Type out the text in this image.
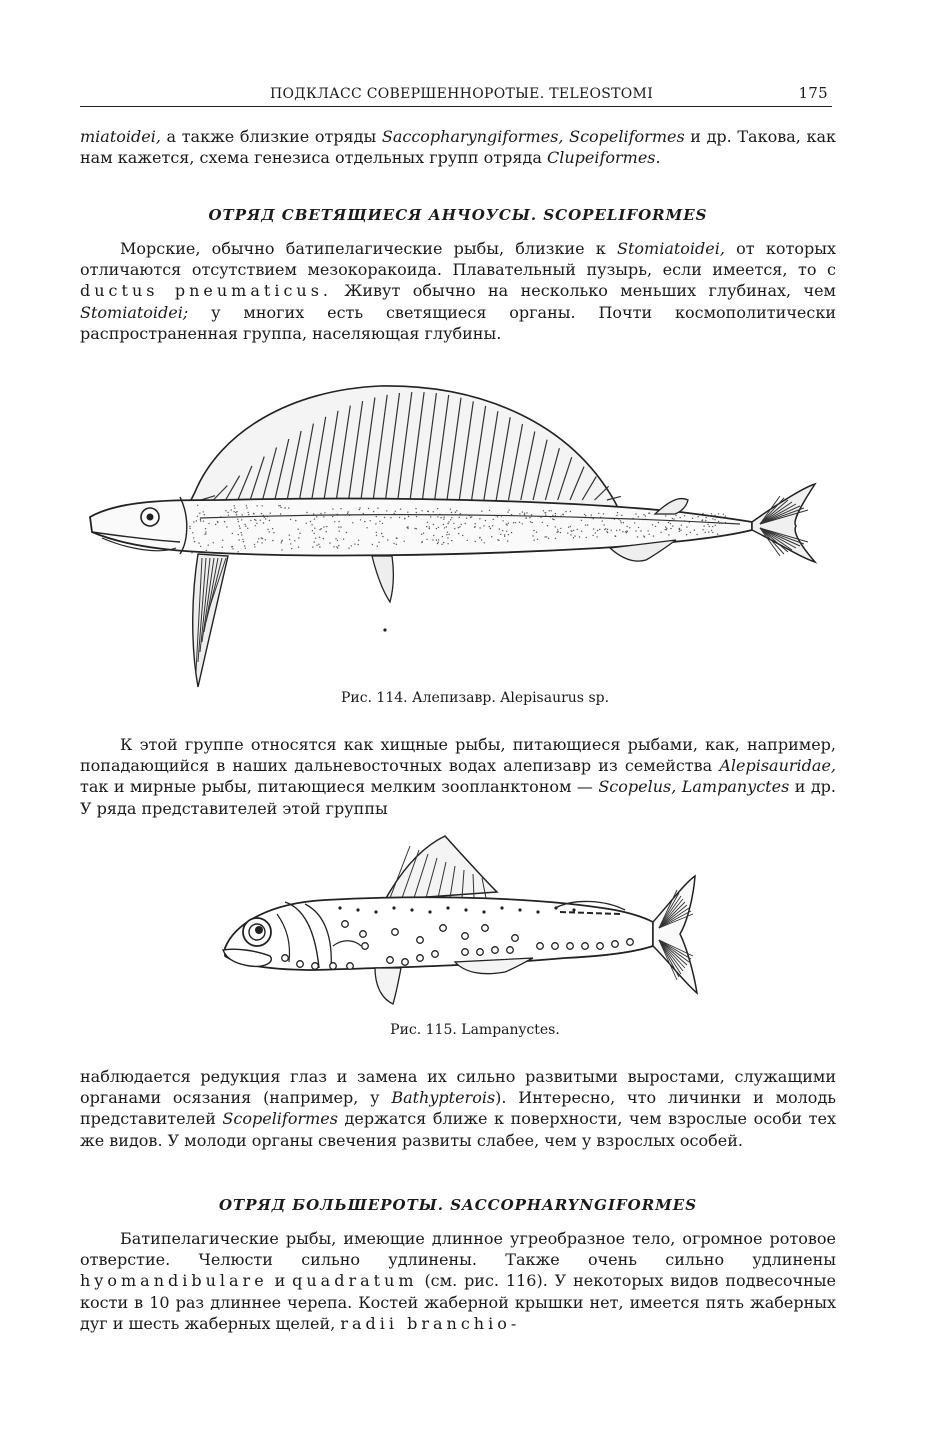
ПОДКЛАСС СОВЕРШЕННОРОТЫЕ. TELEOSTOMI	175

miatoidei, а также близкие отряды Saccopharyngiformes, Scopeliformes и др. Такова, как нам кажется, схема генезиса отдельных групп отряда Clupeiformes.

ОТРЯД СВЕТЯЩИЕСЯ АНЧОУСЫ. SCOPELIFORMES

Морские, обычно батипелагические рыбы, близкие к Stomiatoidei, от которых отличаются отсутствием мезокоракоида. Плавательный пузырь, если имеется, то с ductus pneumaticus. Живут обычно на несколько меньших глубинах, чем Stomiatoidei; у многих есть светящиеся органы. Почти космополитически распространенная группа, населяющая глубины.

Рис. 114. Алепизавр. Alepisaurus sp.

К этой группе относятся как хищные рыбы, питающиеся рыбами, как, например, попадающийся в наших дальневосточных водах алепизавр из семейства Alepisauridae, так и мирные рыбы, питающиеся мелким зоопланктоном — Scopelus, Lampanyctes и др. У ряда представителей этой группы

Рис. 115. Lampanyctes.

наблюдается редукция глаз и замена их сильно развитыми выростами, служащими органами осязания (например, у Bathypterois). Интересно, что личинки и молодь представителей Scopeliformes держатся ближе к поверхности, чем взрослые особи тех же видов. У молоди органы свечения развиты слабее, чем у взрослых особей.

ОТРЯД БОЛЬШЕРОТЫ. SACCOPHARYNGIFORMES

Батипелагические рыбы, имеющие длинное угреобразное тело, огромное ротовое отверстие. Челюсти сильно удлинены. Также очень сильно удлинены hyomandibulare и quadratum (см. рис. 116). У некоторых видов подвесочные кости в 10 раз длиннее черепа. Костей жаберной крышки нет, имеется пять жаберных дуг и шесть жаберных щелей, radii branchio-
